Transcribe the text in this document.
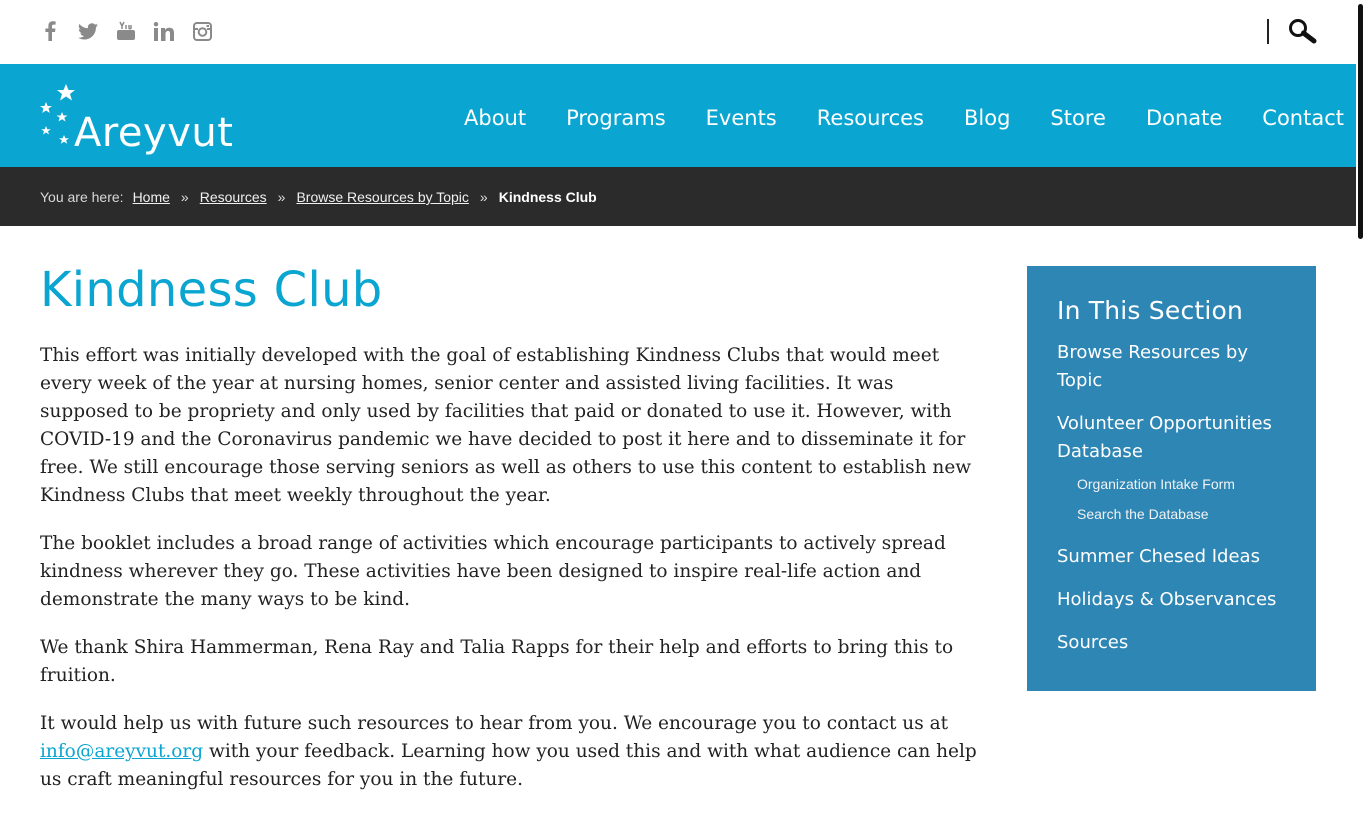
Areyvut	About	Programs	Events	Resources	Blog	Store	Donate	Contact
You are here: Home » Resources » Browse Resources by Topic » Kindness Club
Kindness Club

This effort was initially developed with the goal of establishing Kindness Clubs that would meet every week of the year at nursing homes, senior center and assisted living facilities. It was supposed to be propriety and only used by facilities that paid or donated to use it. However, with COVID-19 and the Coronavirus pandemic we have decided to post it here and to disseminate it for free. We still encourage those serving seniors as well as others to use this content to establish new Kindness Clubs that meet weekly throughout the year.

The booklet includes a broad range of activities which encourage participants to actively spread kindness wherever they go. These activities have been designed to inspire real-life action and demonstrate the many ways to be kind.

We thank Shira Hammerman, Rena Ray and Talia Rapps for their help and efforts to bring this to fruition.

It would help us with future such resources to hear from you. We encourage you to contact us at info@areyvut.org with your feedback. Learning how you used this and with what audience can help us craft meaningful resources for you in the future.

In This Section
Browse Resources by Topic
Volunteer Opportunities Database
Organization Intake Form
Search the Database
Summer Chesed Ideas
Holidays & Observances
Sources
